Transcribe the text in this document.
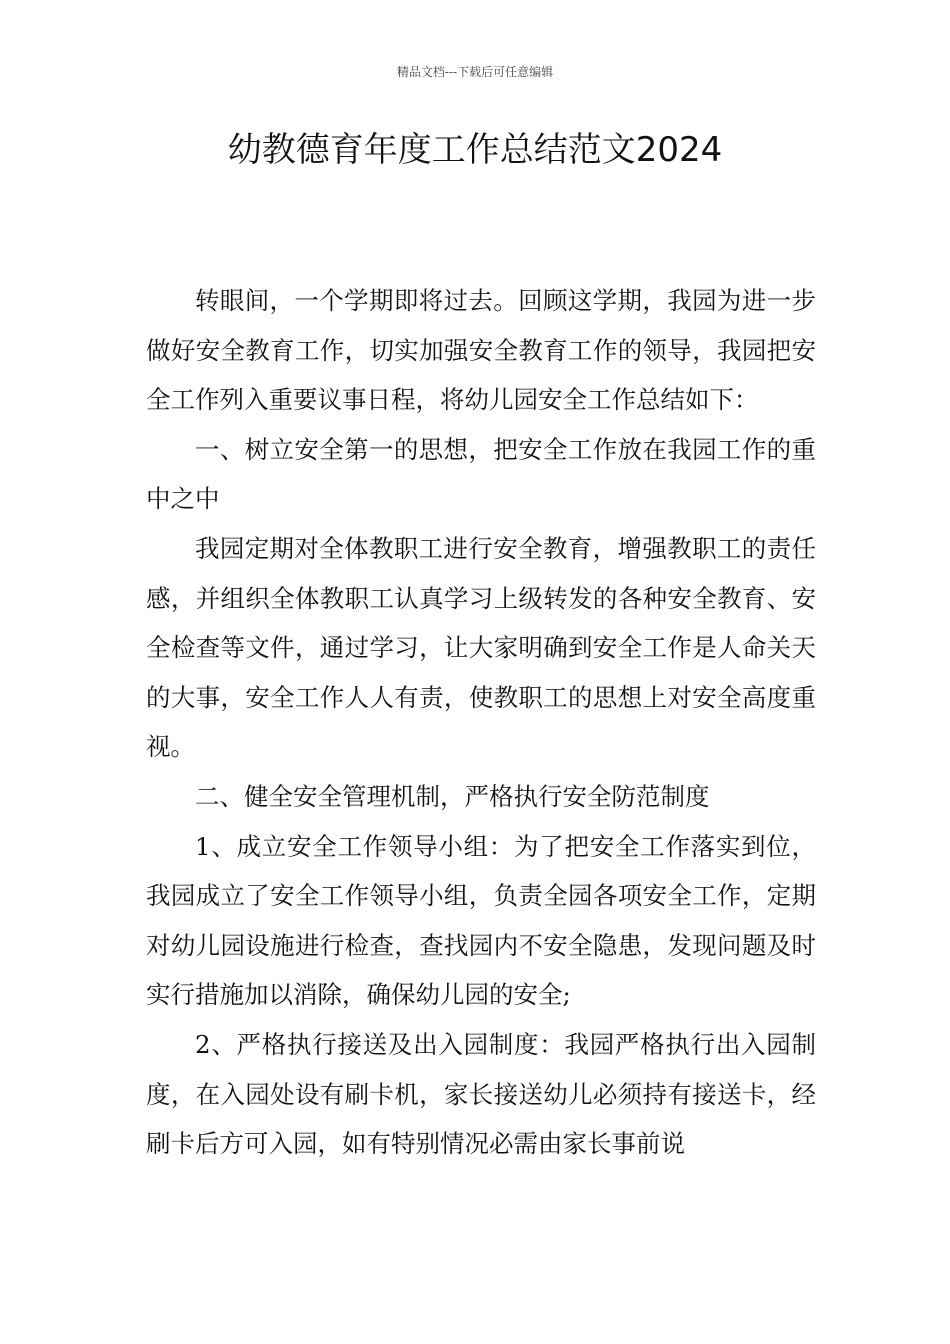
精品文档---下载后可任意编辑
幼教德育年度工作总结范文2024

转眼间，一个学期即将过去。回顾这学期，我园为进一步做好安全教育工作，切实加强安全教育工作的领导，我园把安全工作列入重要议事日程，将幼儿园安全工作总结如下：

一、树立安全第一的思想，把安全工作放在我园工作的重中之中

我园定期对全体教职工进行安全教育，增强教职工的责任感，并组织全体教职工认真学习上级转发的各种安全教育、安全检查等文件，通过学习，让大家明确到安全工作是人命关天的大事，安全工作人人有责，使教职工的思想上对安全高度重视。

二、健全安全管理机制，严格执行安全防范制度

1、成立安全工作领导小组：为了把安全工作落实到位，我园成立了安全工作领导小组，负责全园各项安全工作，定期对幼儿园设施进行检查，查找园内不安全隐患，发现问题及时实行措施加以消除，确保幼儿园的安全;

2、严格执行接送及出入园制度：我园严格执行出入园制度，在入园处设有刷卡机，家长接送幼儿必须持有接送卡，经刷卡后方可入园，如有特别情况必需由家长事前说
